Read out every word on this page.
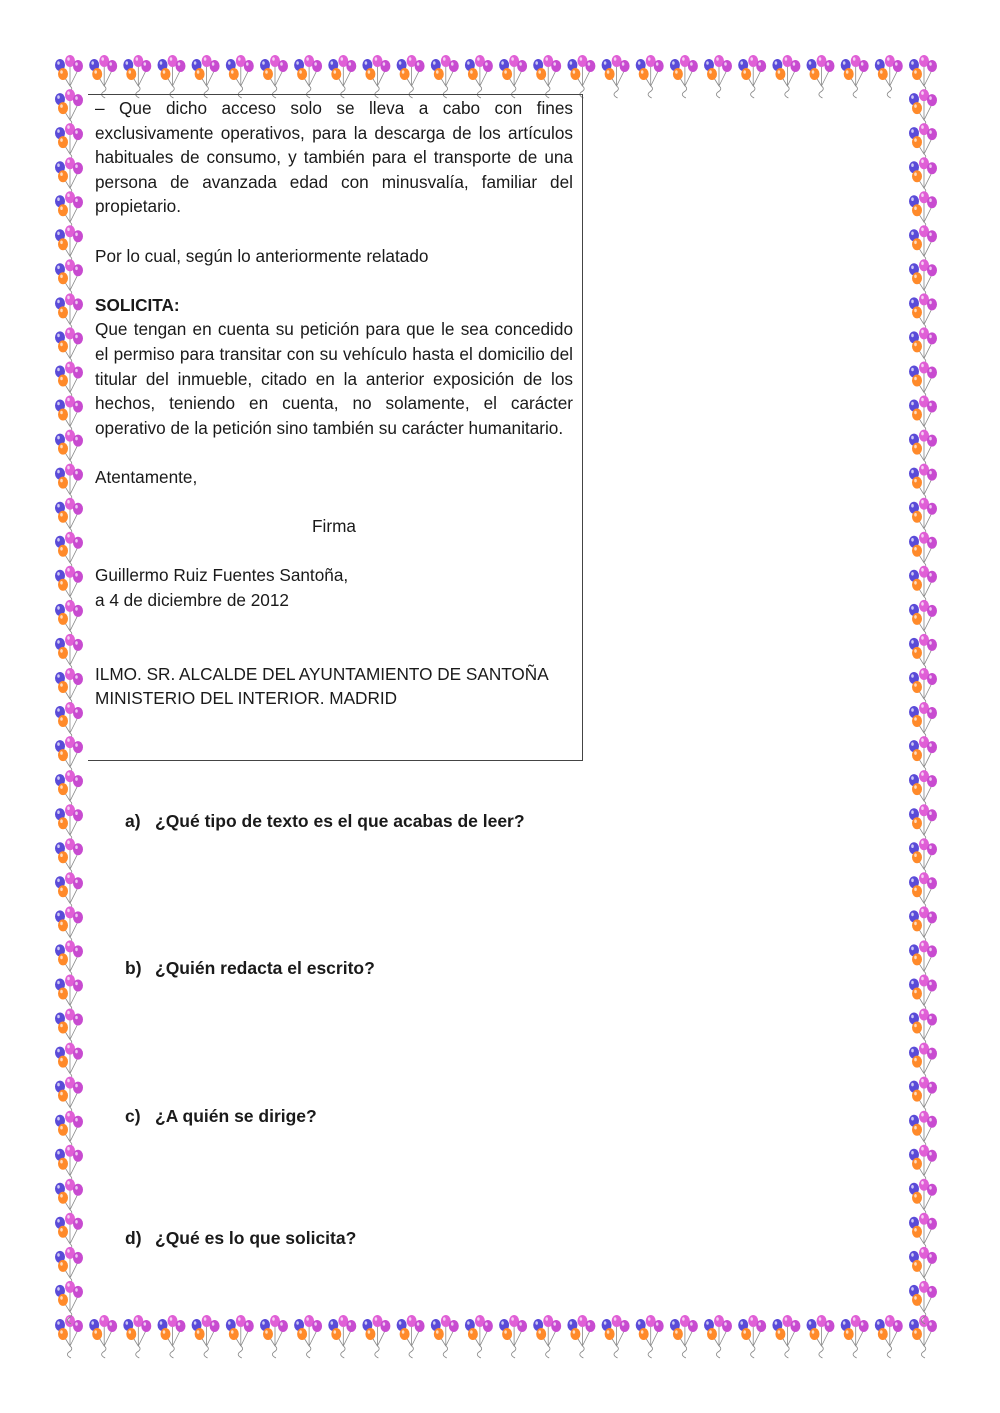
– Que dicho acceso solo se lleva a cabo con fines exclusivamente operativos, para la descarga de los artículos habituales de consumo, y también para el transporte de una persona de avanzada edad con minusvalía, familiar del propietario.

Por lo cual, según lo anteriormente relatado

SOLICITA:

Que tengan en cuenta su petición para que le sea concedido el permiso para transitar con su vehículo hasta el domicilio del titular del inmueble, citado en la anterior exposición de los hechos, teniendo en cuenta, no solamente, el carácter operativo de la petición sino también su carácter humanitario.

Atentamente,

Firma

Guillermo Ruiz Fuentes Santoña,

a 4 de diciembre de 2012

ILMO. SR. ALCALDE DEL AYUNTAMIENTO DE SANTOÑA

MINISTERIO DEL INTERIOR. MADRID

a) ¿Qué tipo de texto es el que acabas de leer?
b) ¿Quién redacta el escrito?
c) ¿A quién se dirige?
d) ¿Qué es lo que solicita?
